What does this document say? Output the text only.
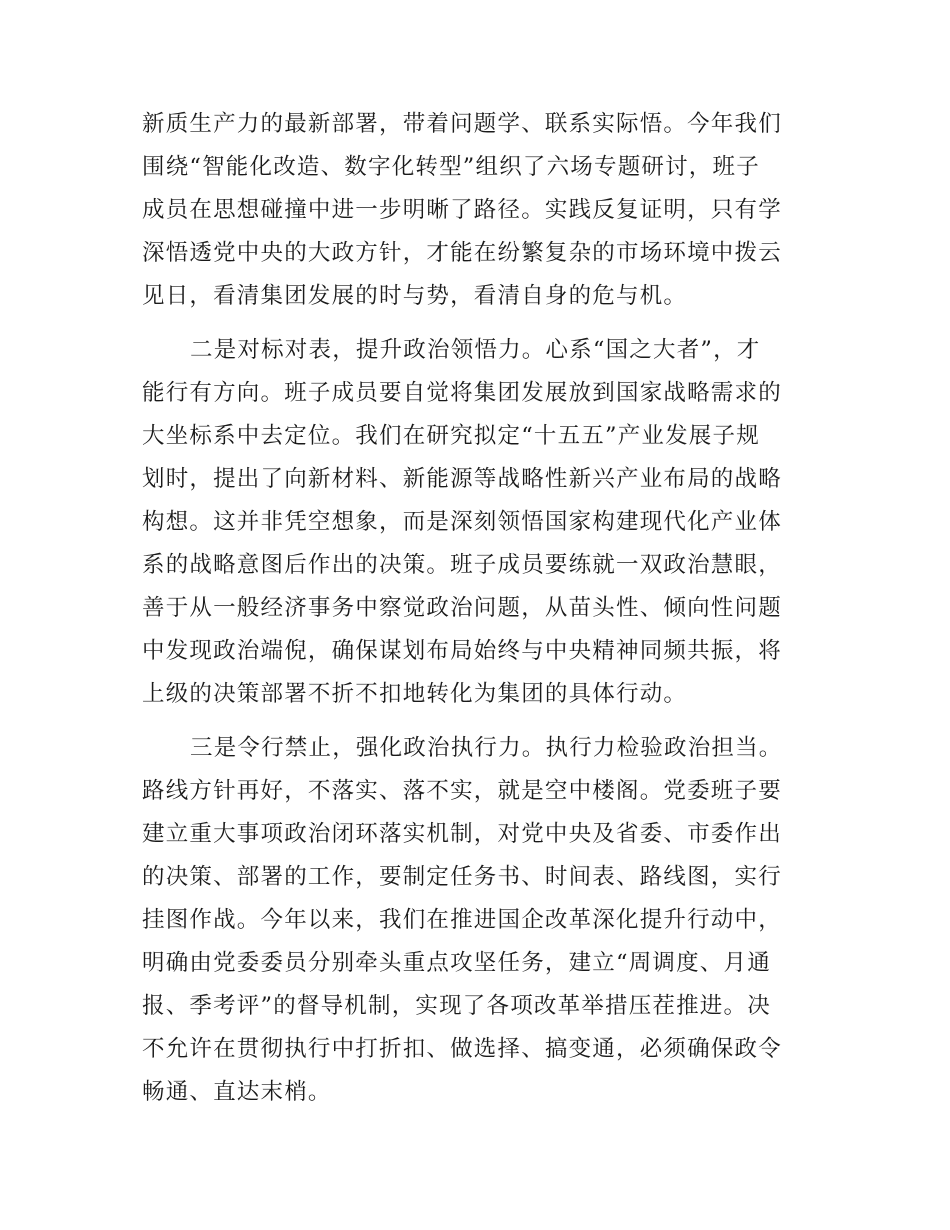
新质生产力的最新部署，带着问题学、联系实际悟。今年我们
围绕“智能化改造、数字化转型”组织了六场专题研讨，班子
成员在思想碰撞中进一步明晰了路径。实践反复证明，只有学
深悟透党中央的大政方针，才能在纷繁复杂的市场环境中拨云
见日，看清集团发展的时与势，看清自身的危与机。

二是对标对表，提升政治领悟力。心系“国之大者”，才
能行有方向。班子成员要自觉将集团发展放到国家战略需求的
大坐标系中去定位。我们在研究拟定“十五五”产业发展子规
划时，提出了向新材料、新能源等战略性新兴产业布局的战略
构想。这并非凭空想象，而是深刻领悟国家构建现代化产业体
系的战略意图后作出的决策。班子成员要练就一双政治慧眼，
善于从一般经济事务中察觉政治问题，从苗头性、倾向性问题
中发现政治端倪，确保谋划布局始终与中央精神同频共振，将
上级的决策部署不折不扣地转化为集团的具体行动。

三是令行禁止，强化政治执行力。执行力检验政治担当。
路线方针再好，不落实、落不实，就是空中楼阁。党委班子要
建立重大事项政治闭环落实机制，对党中央及省委、市委作出
的决策、部署的工作，要制定任务书、时间表、路线图，实行
挂图作战。今年以来，我们在推进国企改革深化提升行动中，
明确由党委委员分别牵头重点攻坚任务，建立“周调度、月通
报、季考评”的督导机制，实现了各项改革举措压茬推进。决
不允许在贯彻执行中打折扣、做选择、搞变通，必须确保政令
畅通、直达末梢。
